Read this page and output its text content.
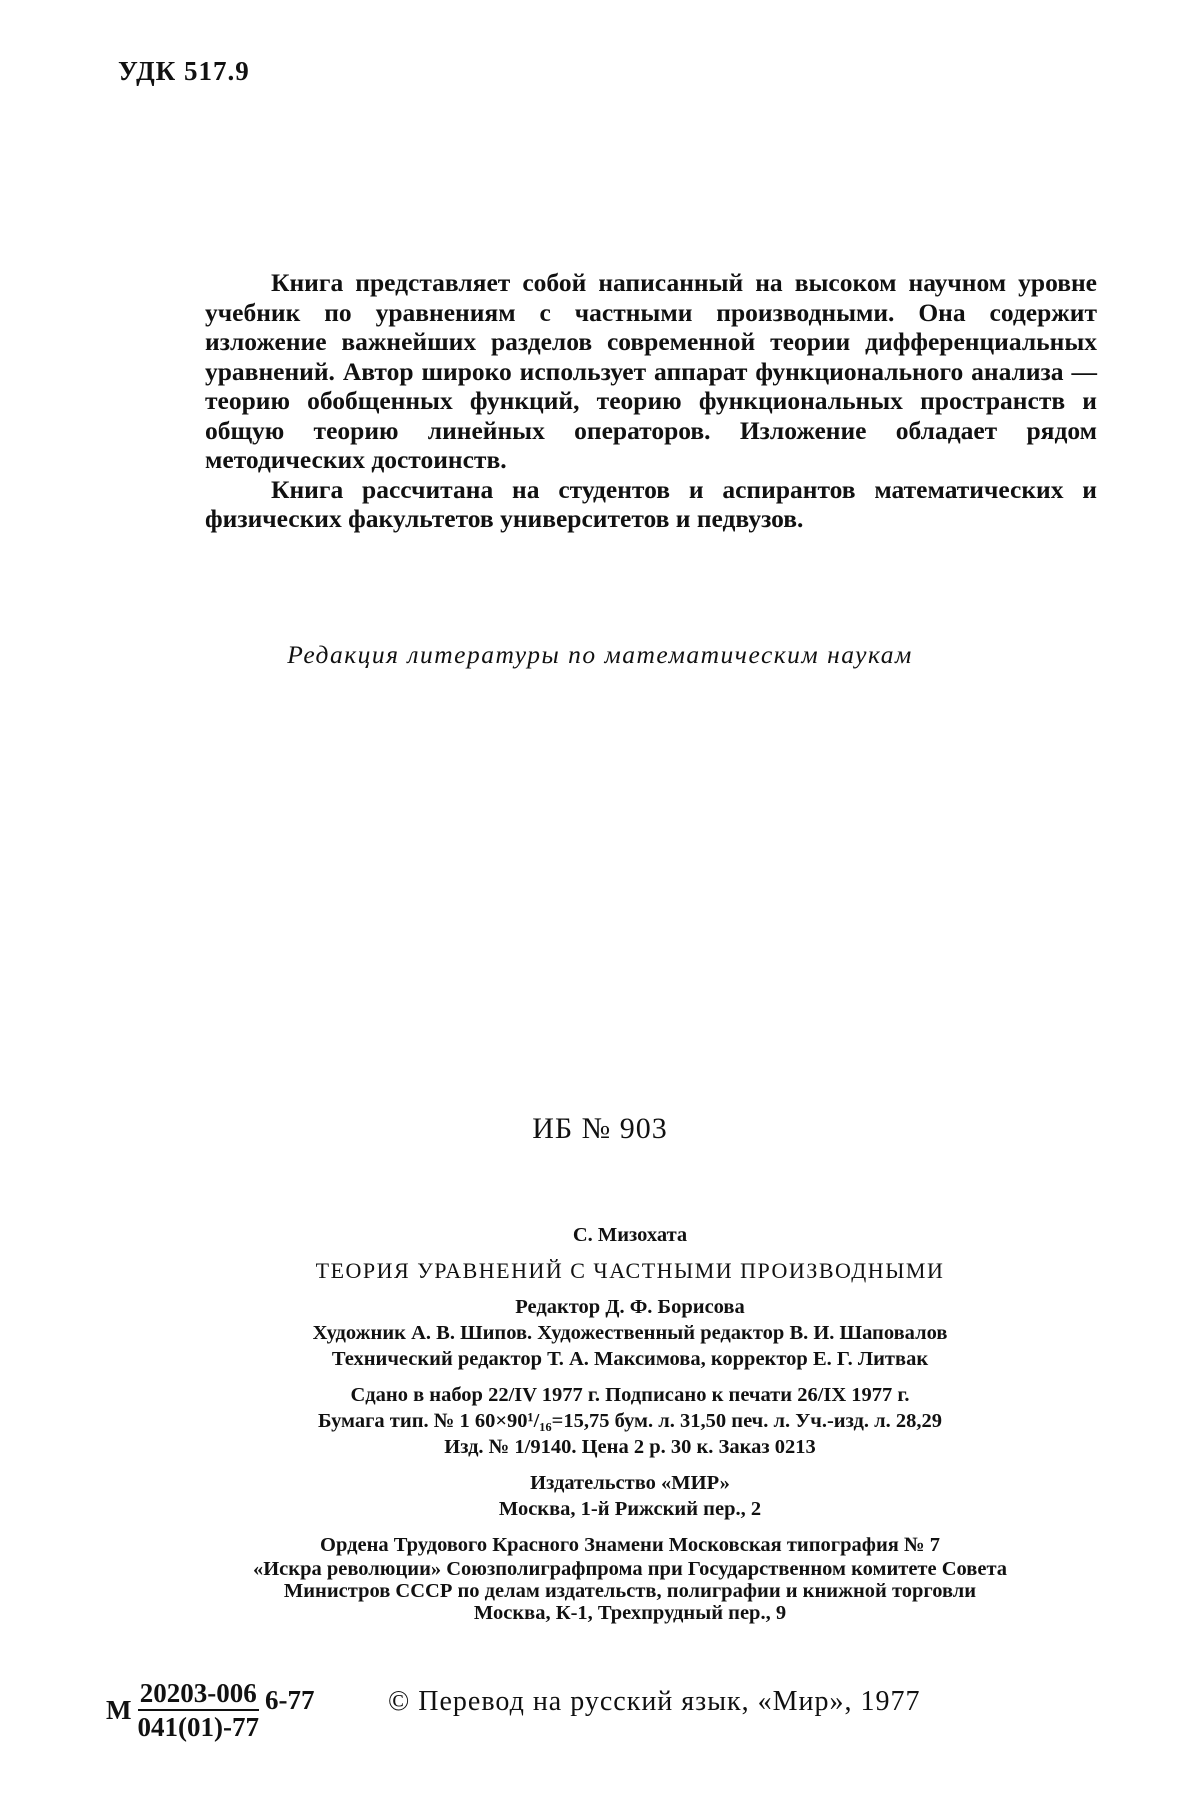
УДК 517.9

Книга представляет собой написанный на высоком научном уровне учебник по уравнениям с частными производными. Она содержит изложение важнейших разделов современной теории дифференциальных уравнений. Автор широко использует аппарат функционального анализа — теорию обобщенных функций, теорию функциональных пространств и общую теорию линейных операторов. Изложение обладает рядом методических достоинств.

Книга рассчитана на студентов и аспирантов математических и физических факультетов университетов и педвузов.

Редакция литературы по математическим наукам
ИБ № 903
С. Мизохата
ТЕОРИЯ УРАВНЕНИЙ С ЧАСТНЫМИ ПРОИЗВОДНЫМИ
Редактор Д. Ф. Борисова
Художник А. В. Шипов. Художественный редактор В. И. Шаповалов
Технический редактор Т. А. Максимова, корректор Е. Г. Литвак
Сдано в набор 22/IV 1977 г. Подписано к печати 26/IX 1977 г.
Бумага тип. № 1 60×90¹/₁₆=15,75 бум. л. 31,50 печ. л. Уч.-изд. л. 28,29
Изд. № 1/9140. Цена 2 р. 30 к. Заказ 0213
Издательство «МИР»
Москва, 1-й Рижский пер., 2
Ордена Трудового Красного Знамени Московская типография № 7
«Искра революции» Союзполиграфпрома при Государственном комитете Совета
Министров СССР по делам издательств, полиграфии и книжной торговли
Москва, К-1, Трехпрудный пер., 9
М $\frac{20203-006}{041(01)-77} 6-77$	© Перевод на русский язык, «Мир», 1977
